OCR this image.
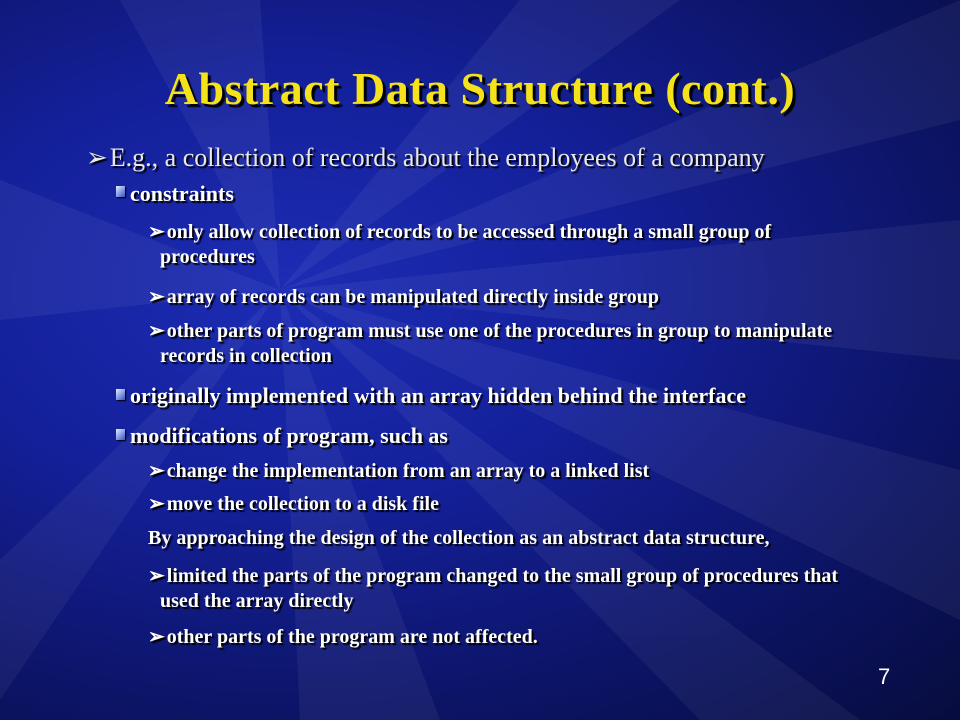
Abstract Data Structure (cont.)
➢E.g., a collection of records about the employees of a company
constraints
➢ only allow collection of records to be accessed through a small group of
procedures
➢ array of records can be manipulated directly inside group
➢ other parts of program must use one of the procedures in group to manipulate
records in collection
originally implemented with an array hidden behind the interface
modifications of program, such as
➢ change the implementation from an array to a linked list
➢ move the collection to a disk file
By approaching the design of the collection as an abstract data structure,
➢ limited the parts of the program changed to the small group of procedures that
used the array directly
➢ other parts of the program are not affected.
7
